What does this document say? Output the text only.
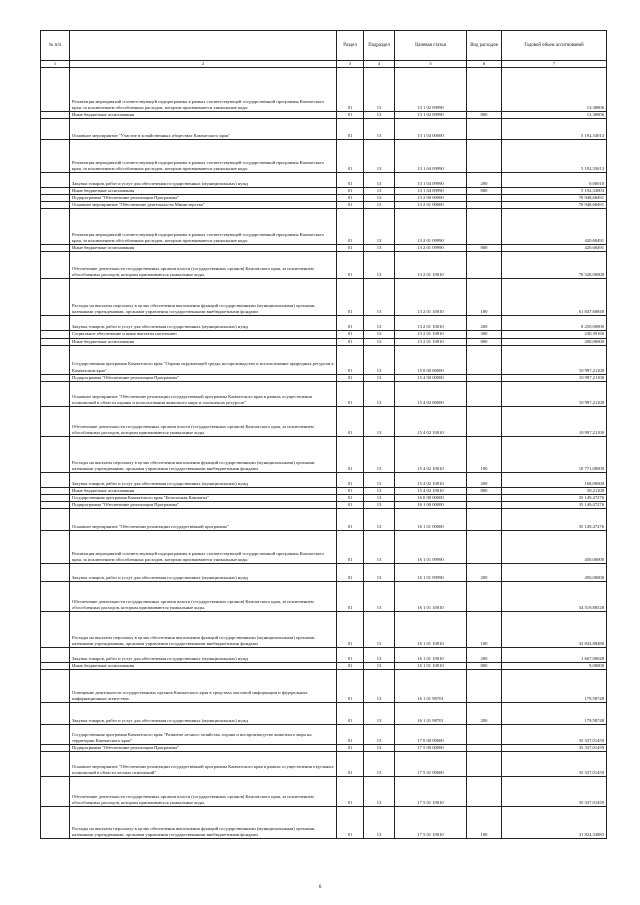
№ п/п		Раздел	Подраздел	Целевая статья	Вид расходов	Годовой объем ассигнований
1	2	3	4	5	6	7
	Реализация мероприятий соответствующей подпрограммы в рамках соответствующей государственной программы Камчатского края, за исключением обособленных расходов, которым присваиваются уникальные коды	01	13	13 1 02 09990		13,38806
	Иные бюджетные ассигнования	01	13	13 1 02 09990	800	13,38806
	Основное мероприятие "Участие в хозяйственных обществах Камчатского края"	01	13	13 1 04 00000		5 192,33013
	Реализация мероприятий соответствующей подпрограммы в рамках соответствующей государственной программы Камчатского края, за исключением обособленных расходов, которым присваиваются уникальные коды	01	13	13 1 04 09990		5 192,33013
	Закупка товаров, работ и услуг для обеспечения государственных (муниципальных) нужд	01	13	13 1 04 09990	200	0,00010
	Иные бюджетные ассигнования	01	13	13 1 04 09990	800	5 192,33003
	Подпрограмма "Обеспечение реализации Программы"	01	13	13 2 00 00000		70 948,68491
	Основное мероприятие "Обеспечение деятельности Министерства"	01	13	13 2 01 00000		70 948,68491
	Реализация мероприятий соответствующей подпрограммы в рамках соответствующей государственной программы Камчатского края, за исключением обособленных расходов, которым присваиваются уникальные коды	01	13	13 2 01 09990		420,68491
	Иные бюджетные ассигнования	01	13	13 2 01 09990	800	420,68491
	Обеспечение деятельности государственных органов власти (государственных органов) Камчатского края, за исключением обособленных расходов, которым присваиваются уникальные коды.	01	13	13 2 01 10010		70 528,00000
	Расходы на выплаты персоналу в целях обеспечения выполнения функций государственными (муниципальными) органами, казенными учреждениями, органами управления государственными внебюджетными фондами	01	13	13 2 01 10010	100	61 847,60840
	Закупка товаров, работ и услуг для обеспечения государственных (муниципальных) нужд	01	13	13 2 01 10010	200	8 250,00000
	Социальное обеспечение и иные выплаты населению	01	13	13 2 01 10010	300	230,39160
	Иные бюджетные ассигнования	01	13	13 2 01 10010	800	200,00000
	Государственная программа Камчатского края "Охрана окружающей среды, воспроизводство и использование природных ресурсов в Камчатском крае"	01	13	15 0 00 00000		10 997,21100
	Подпрограмма "Обеспечение реализации Программы"	01	13	15 4 00 00000		10 997,21100
	Основное мероприятие "Обеспечение реализации государственной программы Камчатского края в рамках осуществления полномочий в области охраны и использования животного мира и охотничьих ресурсов"	01	13	15 4 02 00000		10 997,21100
	Обеспечение деятельности государственных органов власти (государственных органов) Камчатского края, за исключением обособленных расходов, которым присваиваются уникальные коды.	01	13	15 4 02 10010		10 997,21100
	Расходы на выплаты персоналу в целях обеспечения выполнения функций государственными (муниципальными) органами, казенными учреждениями, органами управления государственными внебюджетными фондами	01	13	15 4 02 10010	100	10 771,00000
	Закупка товаров, работ и услуг для обеспечения государственных (муниципальных) нужд	01	13	15 4 02 10010	200	168,00000
	Иные бюджетные ассигнования	01	13	15 4 02 10010	800	58,21100
	Государственная программа Камчатского края "Безопасная Камчатка"	01	13	16 0 00 00000		35 149,47276
	Подпрограмма "Обеспечение реализации Программы"	01	13	16 1 00 00000		35 149,47276
	Основное мероприятие "Обеспечение реализации государственной программы"	01	13	16 1 01 00000		35 149,47276
	Реализация мероприятий соответствующей подпрограммы в рамках соответствующей государственной программы Камчатского края, за исключением обособленных расходов, которым присваиваются уникальные коды	01	13	16 1 01 09990		450,00000
	Закупка товаров, работ и услуг для обеспечения государственных (муниципальных) нужд	01	13	16 1 01 09990	200	450,00000
	Обеспечение деятельности государственных органов власти (государственных органов) Камчатского края, за исключением обособленных расходов, которым присваиваются уникальные коды.	01	13	16 1 01 10010		34 519,88528
	Расходы на выплаты персоналу в целях обеспечения выполнения функций государственными (муниципальными) органами, казенными учреждениями, органами управления государственными внебюджетными фондами	01	13	16 1 01 10010	100	32 843,88480
	Закупка товаров, работ и услуг для обеспечения государственных (муниципальных) нужд	01	13	16 1 01 10010	200	1 667,00048
	Иные бюджетные ассигнования	01	13	16 1 01 10010	800	9,00000
	Освещение деятельности государственных органов Камчатского края в средствах массовой информации и федеральных информационных агентствах	01	13	16 1 01 98701		179,58748
	Закупка товаров, работ и услуг для обеспечения государственных (муниципальных) нужд	01	13	16 1 01 98701	200	179,58748
	Государственная программа Камчатского края "Развитие лесного хозяйства, охрана и воспроизводство животного мира на территории Камчатского края"	01	13	17 0 00 00000		35 337,01459
	Подпрограмма "Обеспечение реализации Программы"	01	13	17 5 00 00000		35 337,01459
	Основное мероприятие "Обеспечение реализации государственной программы Камчатского края в рамках осуществления отдельных полномочий в области лесных отношений"	01	13	17 5 01 00000		35 337,01459
	Обеспечение деятельности государственных органов власти (государственных органов) Камчатского края, за исключением обособленных расходов, которым присваиваются уникальные коды.	01	13	17 5 01 10010		35 337,01459
	Расходы на выплаты персоналу в целях обеспечения выполнения функций государственными (муниципальными) органами, казенными учреждениями, органами управления государственными внебюджетными фондами	01	13	17 5 01 10010	100	31 824,33883
6
